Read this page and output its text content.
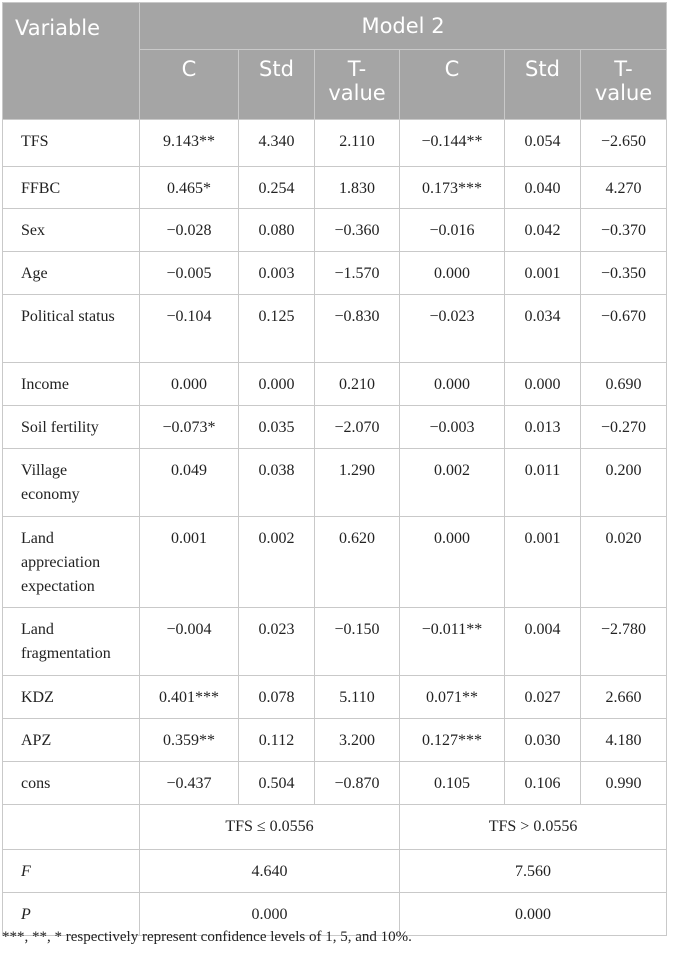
Variable	Model 2					
	C	Std	T-value	C	Std	T-value
TFS	9.143**	4.340	2.110	−0.144**	0.054	−2.650
FFBC	0.465*	0.254	1.830	0.173***	0.040	4.270
Sex	−0.028	0.080	−0.360	−0.016	0.042	−0.370
Age	−0.005	0.003	−1.570	0.000	0.001	−0.350
Political status	−0.104	0.125	−0.830	−0.023	0.034	−0.670
Income	0.000	0.000	0.210	0.000	0.000	0.690
Soil fertility	−0.073*	0.035	−2.070	−0.003	0.013	−0.270
Village economy	0.049	0.038	1.290	0.002	0.011	0.200
Land appreciation expectation	0.001	0.002	0.620	0.000	0.001	0.020
Land fragmentation	−0.004	0.023	−0.150	−0.011**	0.004	−2.780
KDZ	0.401***	0.078	5.110	0.071**	0.027	2.660
APZ	0.359**	0.112	3.200	0.127***	0.030	4.180
cons	−0.437	0.504	−0.870	0.105	0.106	0.990
	TFS ≤ 0.0556			TFS > 0.0556		
F	4.640			7.560		
P	0.000			0.000		
***, **, * respectively represent confidence levels of 1, 5, and 10%.
